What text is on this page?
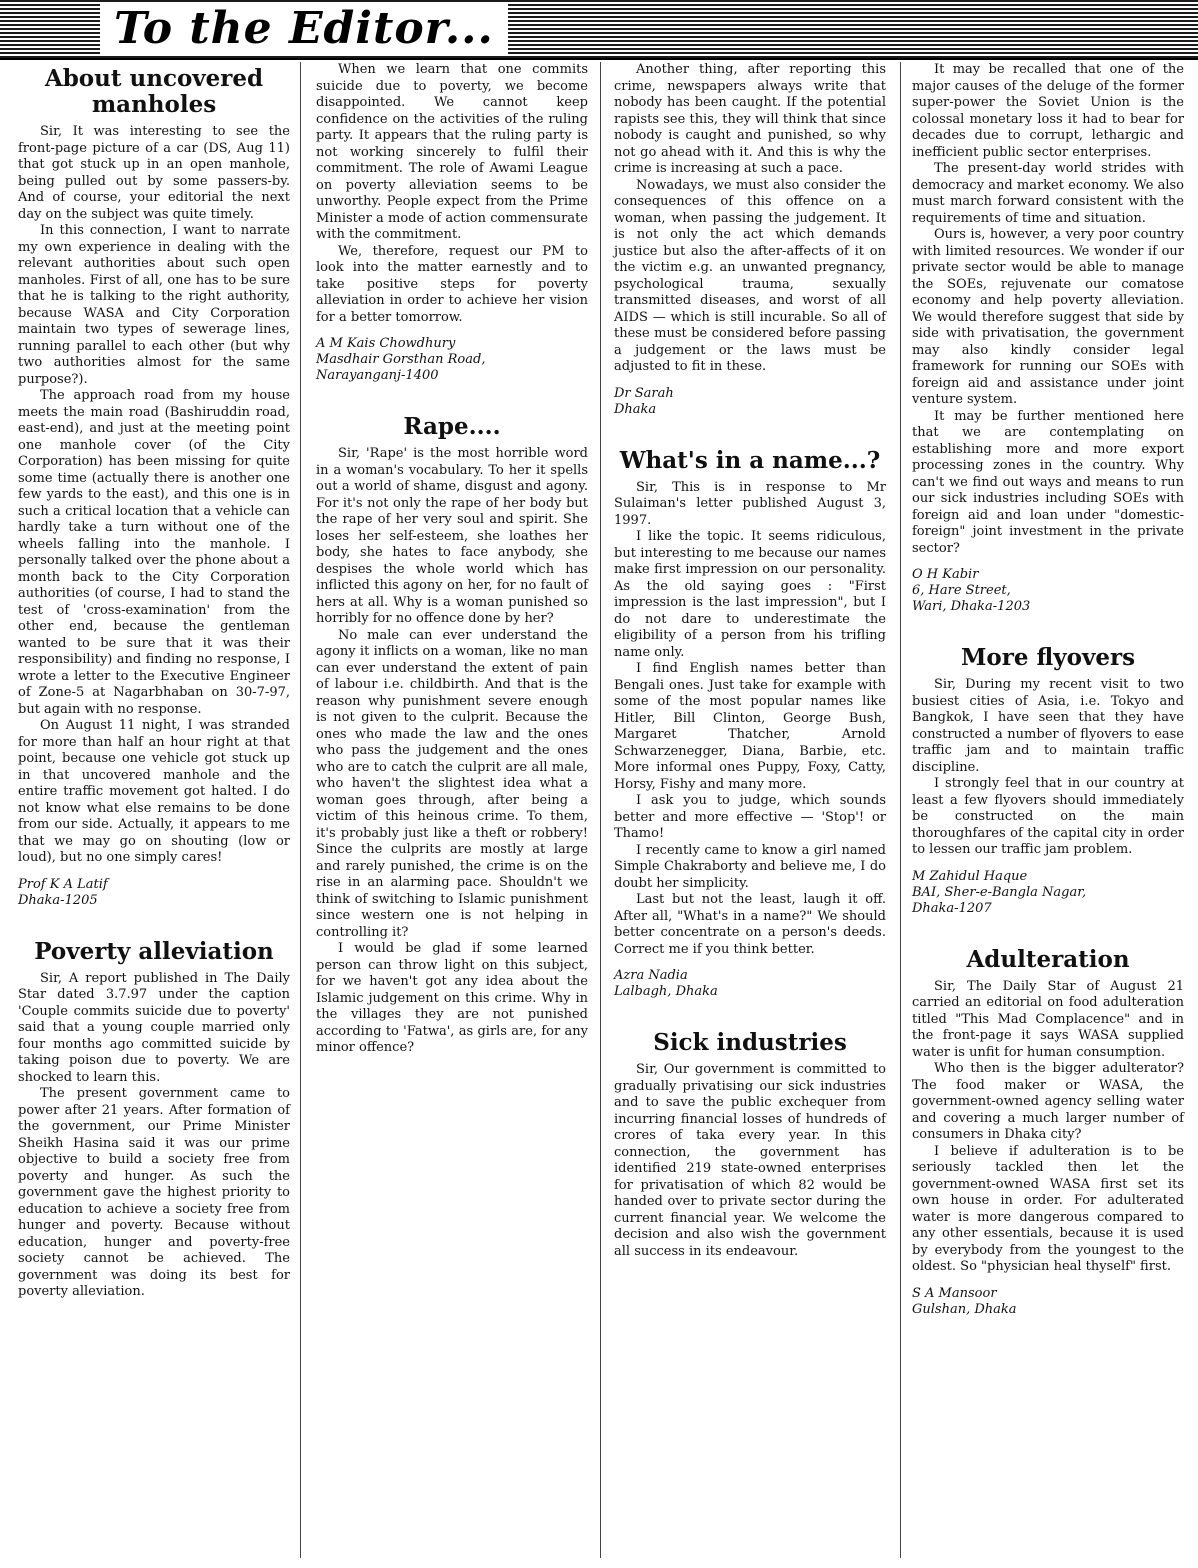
To the Editor...
About uncovered manholes

Sir, It was interesting to see the front-page picture of a car (DS, Aug 11) that got stuck up in an open manhole, being pulled out by some passers-by. And of course, your editorial the next day on the subject was quite timely.

In this connection, I want to narrate my own experience in dealing with the relevant authorities about such open manholes. First of all, one has to be sure that he is talking to the right authority, because WASA and City Corporation maintain two types of sewerage lines, running parallel to each other (but why two authorities almost for the same purpose?).

The approach road from my house meets the main road (Bashiruddin road, east-end), and just at the meeting point one manhole cover (of the City Corporation) has been missing for quite some time (actually there is another one few yards to the east), and this one is in such a critical location that a vehicle can hardly take a turn without one of the wheels falling into the manhole. I personally talked over the phone about a month back to the City Corporation authorities (of course, I had to stand the test of 'cross-examination' from the other end, because the gentleman wanted to be sure that it was their responsibility) and finding no response, I wrote a letter to the Executive Engineer of Zone-5 at Nagarbhaban on 30-7-97, but again with no response.

On August 11 night, I was stranded for more than half an hour right at that point, because one vehicle got stuck up in that uncovered manhole and the entire traffic movement got halted. I do not know what else remains to be done from our side. Actually, it appears to me that we may go on shouting (low or loud), but no one simply cares!

Prof K A Latif
Dhaka-1205
Poverty alleviation

Sir, A report published in The Daily Star dated 3.7.97 under the caption 'Couple commits suicide due to poverty' said that a young couple married only four months ago committed suicide by taking poison due to poverty. We are shocked to learn this.

The present government came to power after 21 years. After formation of the government, our Prime Minister Sheikh Hasina said it was our prime objective to build a society free from poverty and hunger. As such the government gave the highest priority to education to achieve a society free from hunger and poverty. Because without education, hunger and poverty-free society cannot be achieved. The government was doing its best for poverty alleviation.

When we learn that one commits suicide due to poverty, we become disappointed. We cannot keep confidence on the activities of the ruling party. It appears that the ruling party is not working sincerely to fulfil their commitment. The role of Awami League on poverty alleviation seems to be unworthy. People expect from the Prime Minister a mode of action commensurate with the commitment.

We, therefore, request our PM to look into the matter earnestly and to take positive steps for poverty alleviation in order to achieve her vision for a better tomorrow.

A M Kais Chowdhury
Masdhair Gorsthan Road,
Narayanganj-1400
Rape....

Sir, 'Rape' is the most horrible word in a woman's vocabulary. To her it spells out a world of shame, disgust and agony. For it's not only the rape of her body but the rape of her very soul and spirit. She loses her self-esteem, she loathes her body, she hates to face anybody, she despises the whole world which has inflicted this agony on her, for no fault of hers at all. Why is a woman punished so horribly for no offence done by her?

No male can ever understand the agony it inflicts on a woman, like no man can ever understand the extent of pain of labour i.e. childbirth. And that is the reason why punishment severe enough is not given to the culprit. Because the ones who made the law and the ones who pass the judgement and the ones who are to catch the culprit are all male, who haven't the slightest idea what a woman goes through, after being a victim of this heinous crime. To them, it's probably just like a theft or robbery! Since the culprits are mostly at large and rarely punished, the crime is on the rise in an alarming pace. Shouldn't we think of switching to Islamic punishment since western one is not helping in controlling it?

I would be glad if some learned person can throw light on this subject, for we haven't got any idea about the Islamic judgement on this crime. Why in the villages they are not punished according to 'Fatwa', as girls are, for any minor offence?

Another thing, after reporting this crime, newspapers always write that nobody has been caught. If the potential rapists see this, they will think that since nobody is caught and punished, so why not go ahead with it. And this is why the crime is increasing at such a pace.

Nowadays, we must also consider the consequences of this offence on a woman, when passing the judgement. It is not only the act which demands justice but also the after-affects of it on the victim e.g. an unwanted pregnancy, psychological trauma, sexually transmitted diseases, and worst of all AIDS — which is still incurable. So all of these must be considered before passing a judgement or the laws must be adjusted to fit in these.

Dr Sarah
Dhaka
What's in a name...?

Sir, This is in response to Mr Sulaiman's letter published August 3, 1997.

I like the topic. It seems ridiculous, but interesting to me because our names make first impression on our personality. As the old saying goes : "First impression is the last impression", but I do not dare to underestimate the eligibility of a person from his trifling name only.

I find English names better than Bengali ones. Just take for example with some of the most popular names like Hitler, Bill Clinton, George Bush, Margaret Thatcher, Arnold Schwarzenegger, Diana, Barbie, etc. More informal ones Puppy, Foxy, Catty, Horsy, Fishy and many more.

I ask you to judge, which sounds better and more effective — 'Stop'! or Thamo!

I recently came to know a girl named Simple Chakraborty and believe me, I do doubt her simplicity.

Last but not the least, laugh it off. After all, "What's in a name?" We should better concentrate on a person's deeds. Correct me if you think better.

Azra Nadia
Lalbagh, Dhaka
Sick industries

Sir, Our government is committed to gradually privatising our sick industries and to save the public exchequer from incurring financial losses of hundreds of crores of taka every year. In this connection, the government has identified 219 state-owned enterprises for privatisation of which 82 would be handed over to private sector during the current financial year. We welcome the decision and also wish the government all success in its endeavour.

It may be recalled that one of the major causes of the deluge of the former super-power the Soviet Union is the colossal monetary loss it had to bear for decades due to corrupt, lethargic and inefficient public sector enterprises.

The present-day world strides with democracy and market economy. We also must march forward consistent with the requirements of time and situation.

Ours is, however, a very poor country with limited resources. We wonder if our private sector would be able to manage the SOEs, rejuvenate our comatose economy and help poverty alleviation. We would therefore suggest that side by side with privatisation, the government may also kindly consider legal framework for running our SOEs with foreign aid and assistance under joint venture system.

It may be further mentioned here that we are contemplating on establishing more and more export processing zones in the country. Why can't we find out ways and means to run our sick industries including SOEs with foreign aid and loan under "domestic-foreign" joint investment in the private sector?

O H Kabir
6, Hare Street,
Wari, Dhaka-1203
More flyovers

Sir, During my recent visit to two busiest cities of Asia, i.e. Tokyo and Bangkok, I have seen that they have constructed a number of flyovers to ease traffic jam and to maintain traffic discipline.

I strongly feel that in our country at least a few flyovers should immediately be constructed on the main thoroughfares of the capital city in order to lessen our traffic jam problem.

M Zahidul Haque
BAI, Sher-e-Bangla Nagar,
Dhaka-1207
Adulteration

Sir, The Daily Star of August 21 carried an editorial on food adulteration titled "This Mad Complacence" and in the front-page it says WASA supplied water is unfit for human consumption.

Who then is the bigger adulterator? The food maker or WASA, the government-owned agency selling water and covering a much larger number of consumers in Dhaka city?

I believe if adulteration is to be seriously tackled then let the government-owned WASA first set its own house in order. For adulterated water is more dangerous compared to any other essentials, because it is used by everybody from the youngest to the oldest. So "physician heal thyself" first.

S A Mansoor
Gulshan, Dhaka
